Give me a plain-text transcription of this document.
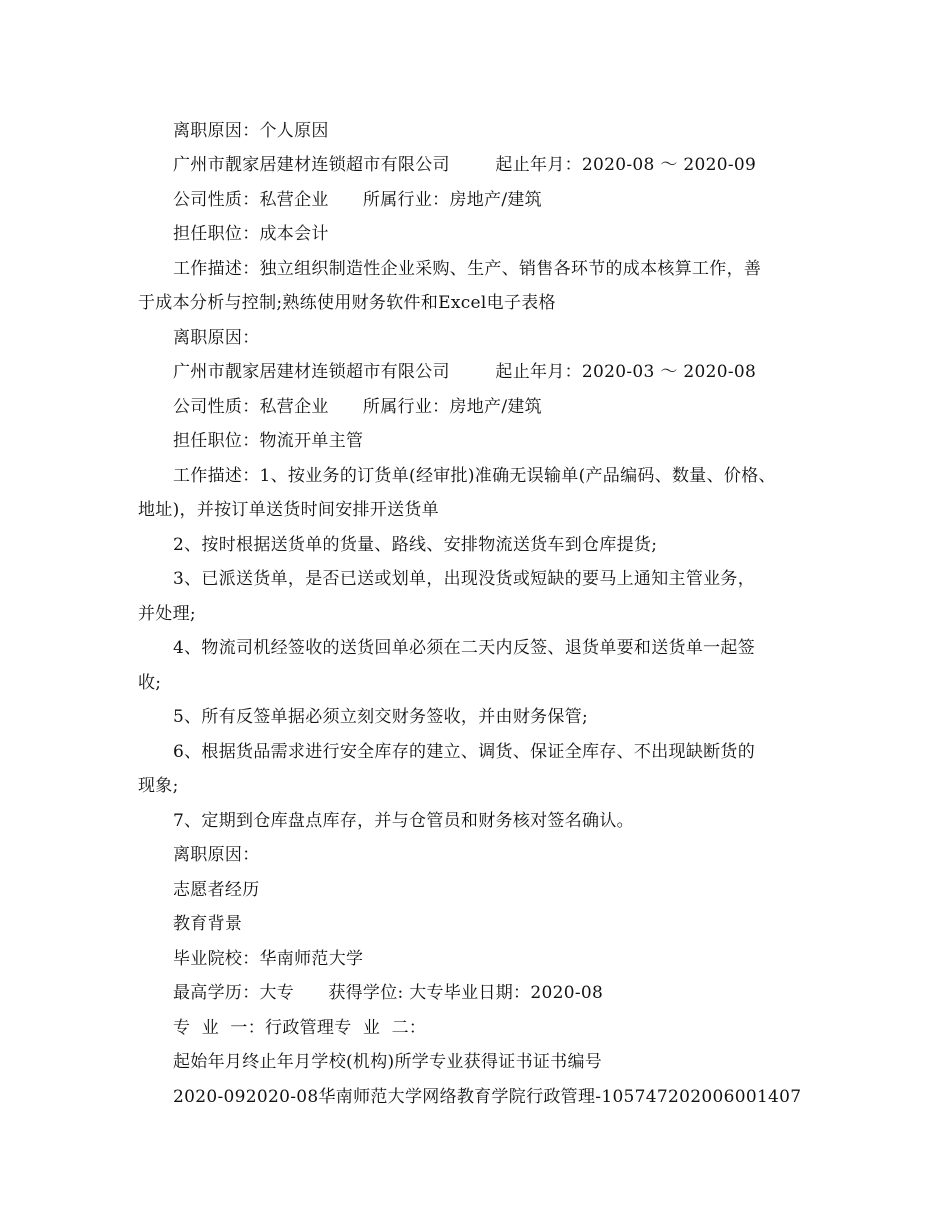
离职原因：个人原因
广州市靓家居建材连锁超市有限公司        起止年月：2020-08 ～ 2020-09
公司性质：私营企业      所属行业：房地产/建筑
担任职位：成本会计
工作描述：独立组织制造性企业采购、生产、销售各环节的成本核算工作，善
于成本分析与控制;熟练使用财务软件和Excel电子表格
离职原因：
广州市靓家居建材连锁超市有限公司        起止年月：2020-03 ～ 2020-08
公司性质：私营企业      所属行业：房地产/建筑
担任职位：物流开单主管
工作描述：1、按业务的订货单(经审批)准确无误输单(产品编码、数量、价格、
地址)，并按订单送货时间安排开送货单
2、按时根据送货单的货量、路线、安排物流送货车到仓库提货;
3、已派送货单，是否已送或划单，出现没货或短缺的要马上通知主管业务，
并处理;
4、物流司机经签收的送货回单必须在二天内反签、退货单要和送货单一起签
收;
5、所有反签单据必须立刻交财务签收，并由财务保管;
6、根据货品需求进行安全库存的建立、调货、保证全库存、不出现缺断货的
现象;
7、定期到仓库盘点库存，并与仓管员和财务核对签名确认。
离职原因：
志愿者经历
教育背景
毕业院校：华南师范大学
最高学历：大专      获得学位: 大专毕业日期：2020-08
专  业  一：行政管理专  业  二：
起始年月终止年月学校(机构)所学专业获得证书证书编号
2020-092020-08华南师范大学网络教育学院行政管理-105747202006001407
